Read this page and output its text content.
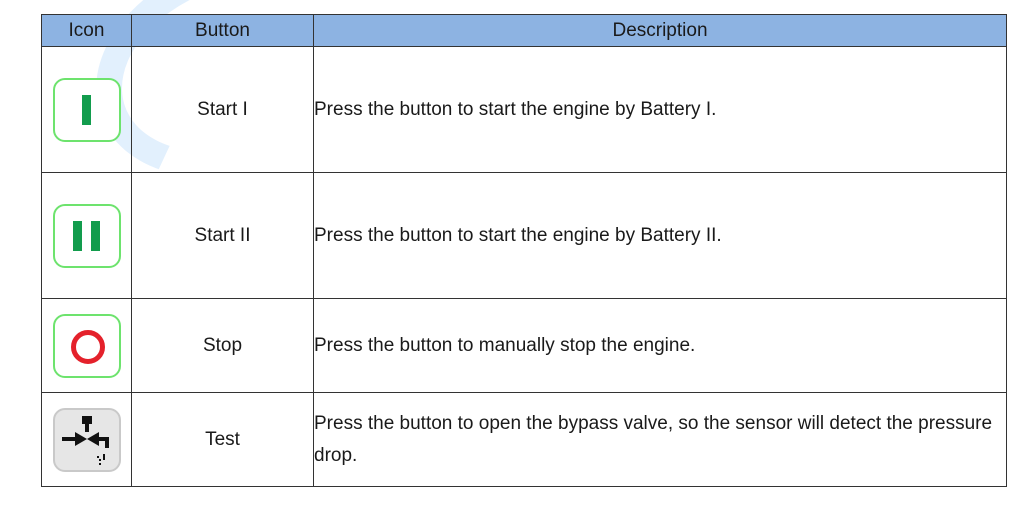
Icon	Button	Description

	Start I	Press the button to start the engine by Battery I.

	Start II	Press the button to start the engine by Battery II.

	Stop	Press the button to manually stop the engine.

	Test	Press the button to open the bypass valve, so the sensor will detect the pressure drop.
